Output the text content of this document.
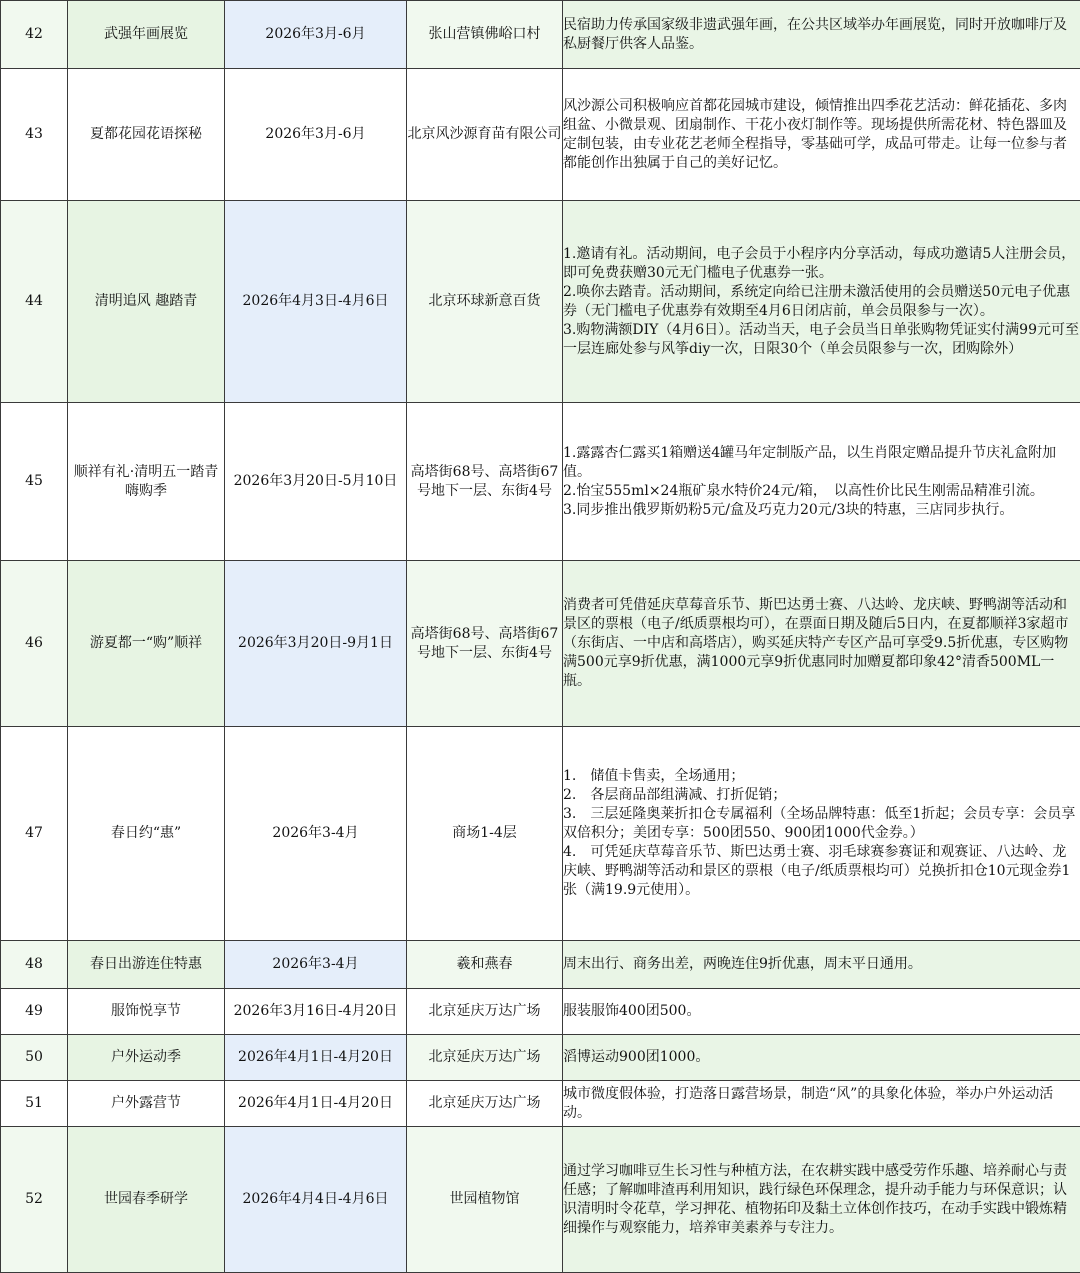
42	武强年画展览	2026年3月-6月	张山营镇佛峪口村	民宿助力传承国家级非遗武强年画，在公共区域举办年画展览，同时开放咖啡厅及私厨餐厅供客人品鉴。

43	夏都花园花语探秘	2026年3月-6月	北京风沙源育苗有限公司	风沙源公司积极响应首都花园城市建设，倾情推出四季花艺活动：鲜花插花、多肉组盆、小微景观、团扇制作、干花小夜灯制作等。现场提供所需花材、特色器皿及定制包装，由专业花艺老师全程指导，零基础可学，成品可带走。让每一位参与者都能创作出独属于自己的美好记忆。

44	清明追风 趣踏青	2026年4月3日-4月6日	北京环球新意百货	1.邀请有礼。活动期间，电子会员于小程序内分享活动，每成功邀请5人注册会员，即可免费获赠30元无门槛电子优惠券一张。
2.唤你去踏青。活动期间，系统定向给已注册未激活使用的会员赠送50元电子优惠券（无门槛电子优惠券有效期至4月6日闭店前，单会员限参与一次）。
3.购物满额DIY（4月6日）。活动当天，电子会员当日单张购物凭证实付满99元可至一层连廊处参与风筝diy一次，日限30个（单会员限参与一次，团购除外）

45	顺祥有礼·清明五一踏青嗨购季	2026年3月20日-5月10日	高塔街68号、高塔街67号地下一层、东街4号	1.露露杏仁露买1箱赠送4罐马年定制版产品，以生肖限定赠品提升节庆礼盒附加值。
2.怡宝555ml×24瓶矿泉水特价24元/箱，　以高性价比民生刚需品精准引流。
3.同步推出俄罗斯奶粉5元/盒及巧克力20元/3块的特惠，三店同步执行。

46	游夏都一“购”顺祥	2026年3月20日-9月1日	高塔街68号、高塔街67号地下一层、东街4号	消费者可凭借延庆草莓音乐节、斯巴达勇士赛、八达岭、龙庆峡、野鸭湖等活动和景区的票根（电子/纸质票根均可），在票面日期及随后5日内，在夏都顺祥3家超市（东街店、一中店和高塔店），购买延庆特产专区产品可享受9.5折优惠，专区购物满500元享9折优惠，满1000元享9折优惠同时加赠夏都印象42°清香500ML一瓶。

47	春日约“惠”	2026年3-4月	商场1-4层	1.　储值卡售卖，全场通用；
2.　各层商品部组满减、打折促销；
3.　三层延隆奥莱折扣仓专属福利（全场品牌特惠：低至1折起；会员专享：会员享双倍积分；美团专享：500团550、900团1000代金券。）
4.　可凭延庆草莓音乐节、斯巴达勇士赛、羽毛球赛参赛证和观赛证、八达岭、龙庆峡、野鸭湖等活动和景区的票根（电子/纸质票根均可）兑换折扣仓10元现金券1张（满19.9元使用）。

48	春日出游连住特惠	2026年3-4月	羲和燕春	周末出行、商务出差，两晚连住9折优惠，周末平日通用。

49	服饰悦享节	2026年3月16日-4月20日	北京延庆万达广场	服装服饰400团500。

50	户外运动季	2026年4月1日-4月20日	北京延庆万达广场	滔博运动900团1000。

51	户外露营节	2026年4月1日-4月20日	北京延庆万达广场	城市微度假体验，打造落日露营场景，制造“风”的具象化体验，举办户外运动活动。

52	世园春季研学	2026年4月4日-4月6日	世园植物馆	通过学习咖啡豆生长习性与种植方法，在农耕实践中感受劳作乐趣、培养耐心与责任感；了解咖啡渣再利用知识，践行绿色环保理念，提升动手能力与环保意识；认识清明时令花草，学习押花、植物拓印及黏土立体创作技巧，在动手实践中锻炼精细操作与观察能力，培养审美素养与专注力。
